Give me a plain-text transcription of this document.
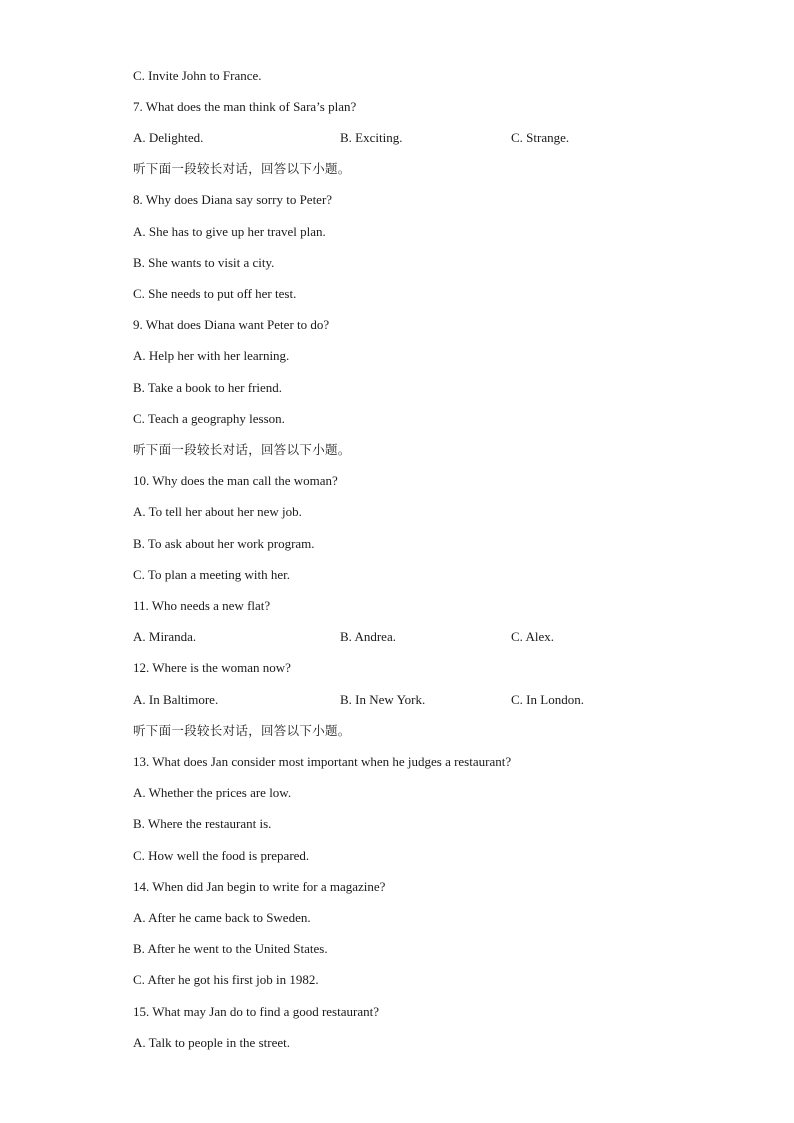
C. Invite John to France.
7. What does the man think of Sara’s plan?
A. Delighted.	B. Exciting.	C. Strange.
听下面一段较长对话，回答以下小题。
8. Why does Diana say sorry to Peter?
A. She has to give up her travel plan.
B. She wants to visit a city.
C. She needs to put off her test.
9. What does Diana want Peter to do?
A. Help her with her learning.
B. Take a book to her friend.
C. Teach a geography lesson.
听下面一段较长对话，回答以下小题。
10. Why does the man call the woman?
A. To tell her about her new job.
B. To ask about her work program.
C. To plan a meeting with her.
11. Who needs a new flat?
A. Miranda.	B. Andrea.	C. Alex.
12. Where is the woman now?
A. In Baltimore.	B. In New York.	C. In London.
听下面一段较长对话，回答以下小题。
13. What does Jan consider most important when he judges a restaurant?
A. Whether the prices are low.
B. Where the restaurant is.
C. How well the food is prepared.
14. When did Jan begin to write for a magazine?
A. After he came back to Sweden.
B. After he went to the United States.
C. After he got his first job in 1982.
15. What may Jan do to find a good restaurant?
A. Talk to people in the street.
